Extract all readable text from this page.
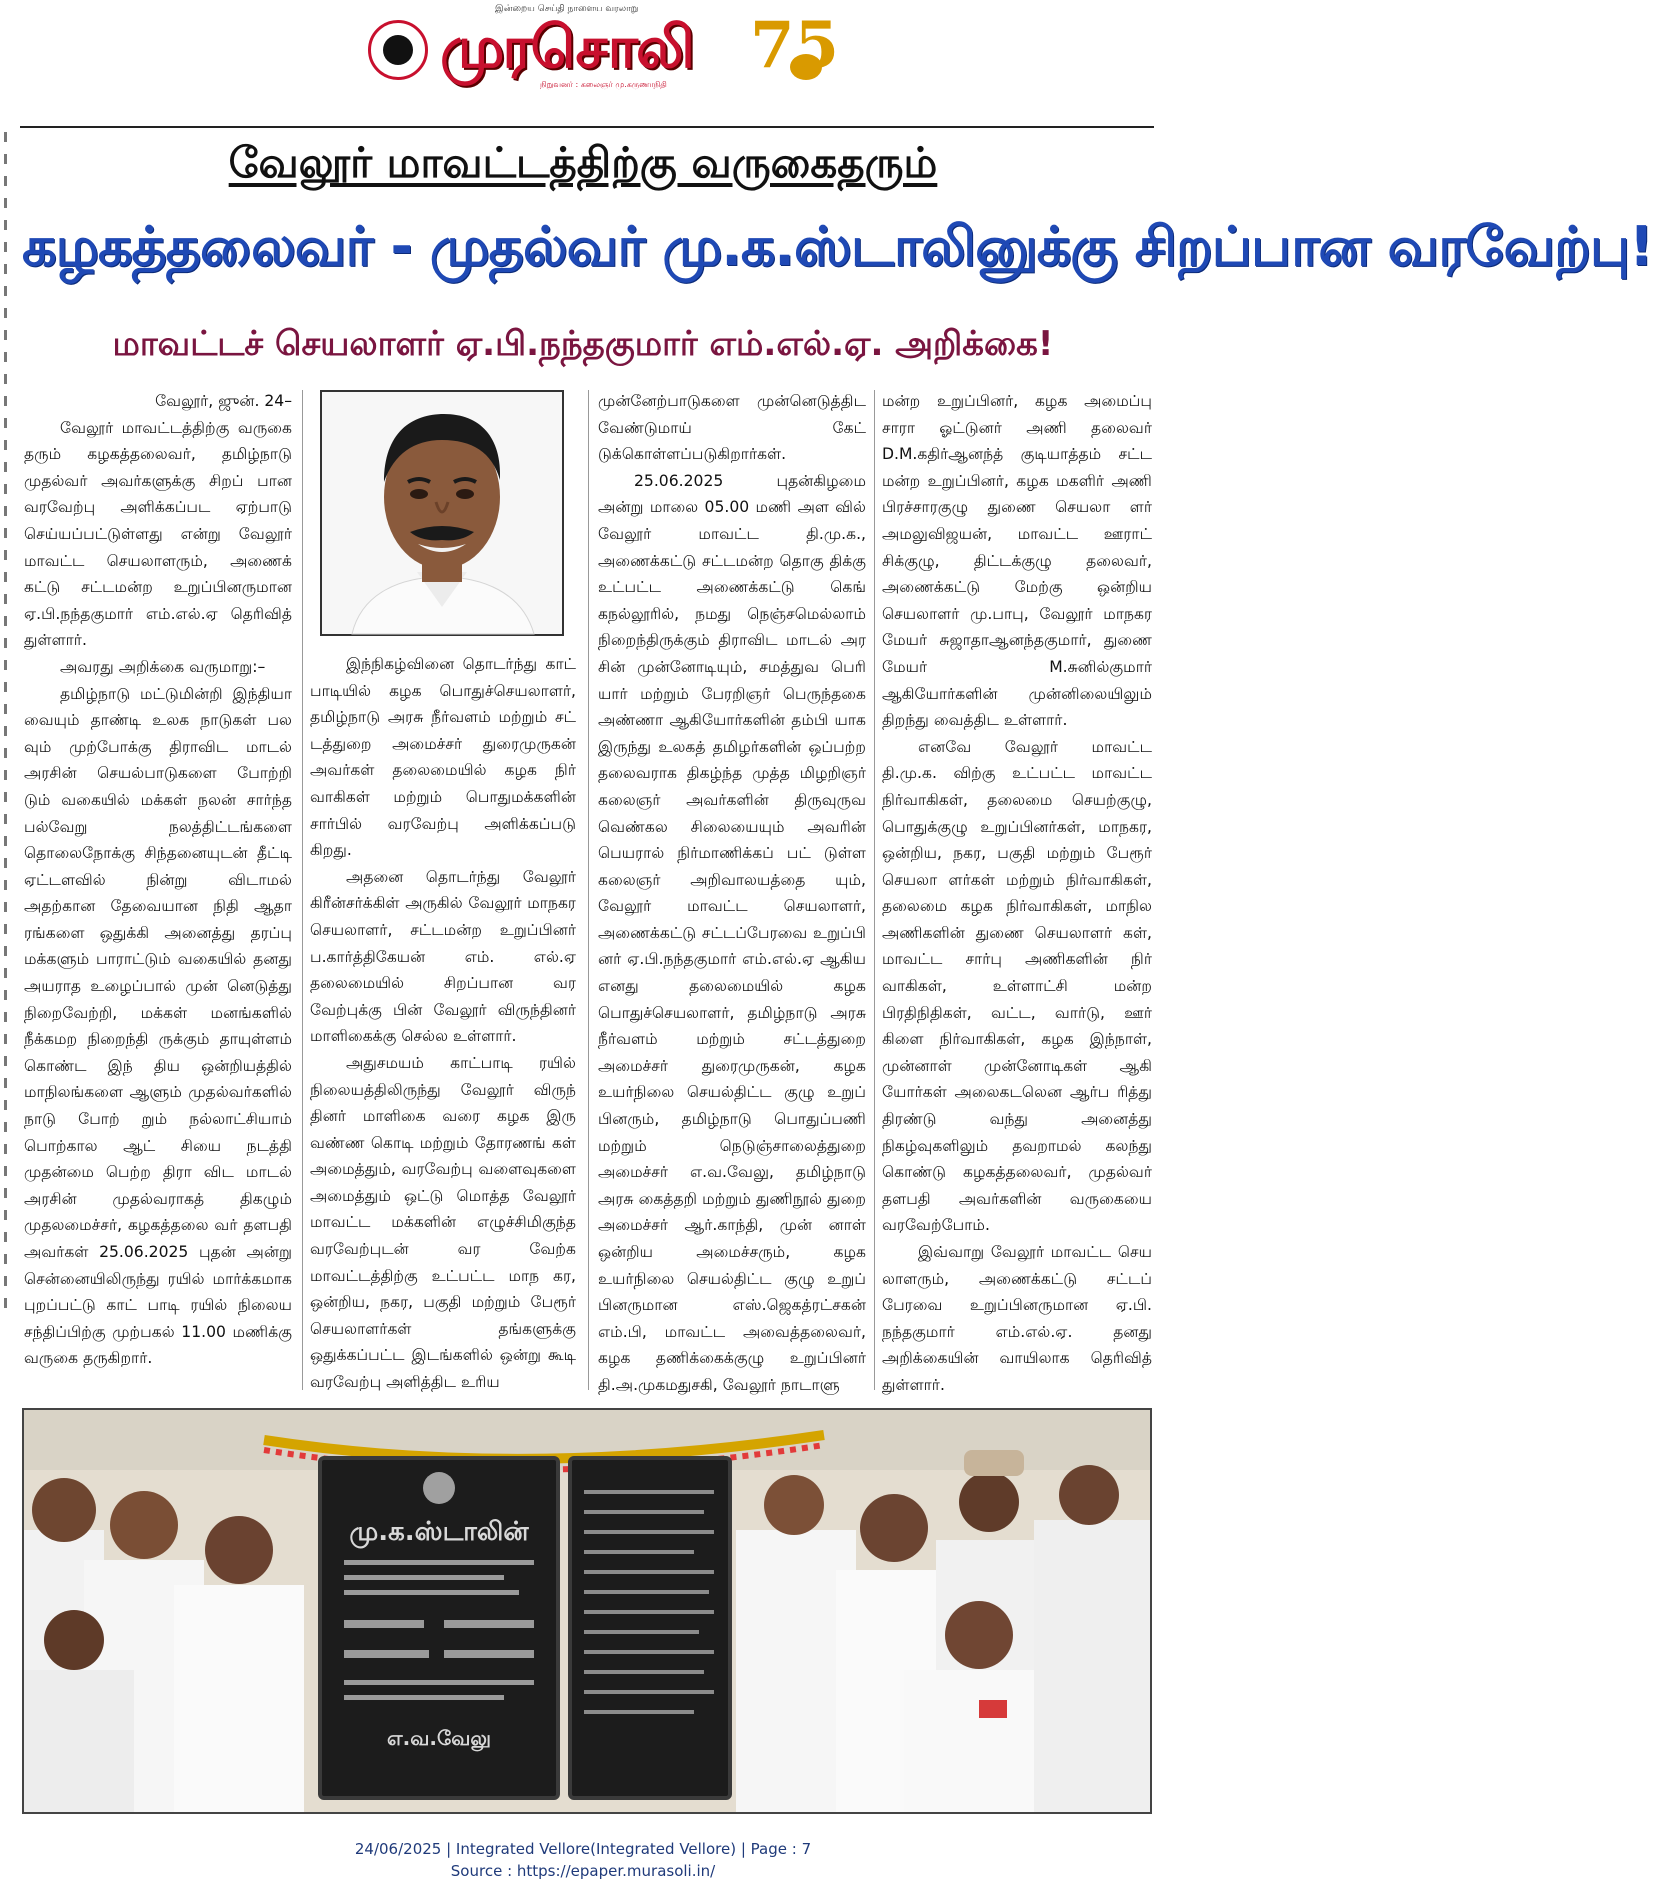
இன்றைய செய்தி நாளைய வரலாறு
முரசொலி
நிறுவனர் : கலைஞர் மு.கருணாநிதி
75
வேலூர் மாவட்டத்திற்கு வருகைதரும்
கழகத்தலைவர் - முதல்வர் மு.க.ஸ்டாலினுக்கு சிறப்பான வரவேற்பு!
மாவட்டச் செயலாளர் ஏ.பி.நந்தகுமார் எம்.எல்.ஏ. அறிக்கை!

வேலூர், ஜுன். 24–

வேலூர் மாவட்டத்திற்கு வருகை தரும் கழகத்தலைவர், தமிழ்நாடு முதல்வர் அவர்களுக்கு சிறப் பான வரவேற்பு அளிக்கப்பட ஏற்பாடு செய்யப்பட்டுள்ளது என்று வேலூர் மாவட்ட செயலாளரும், அணைக் கட்டு சட்டமன்ற உறுப்பினருமான ஏ.பி.நந்தகுமார் எம்.எல்.ஏ தெரிவித் துள்ளார்.

அவரது அறிக்கை வருமாறு:–

தமிழ்நாடு மட்டுமின்றி இந்தியா வையும் தாண்டி உலக நாடுகள் பல வும் முற்போக்கு திராவிட மாடல் அரசின் செயல்பாடுகளை போற்றி டும் வகையில் மக்கள் நலன் சார்ந்த பல்வேறு நலத்திட்டங்களை தொலைநோக்கு சிந்தனையுடன் தீட்டி ஏட்டளவில் நின்று விடாமல் அதற்கான தேவையான நிதி ஆதா ரங்களை ஒதுக்கி அனைத்து தரப்பு மக்களும் பாராட்டும் வகையில் தனது அயராத உழைப்பால் முன் னெடுத்து நிறைவேற்றி, மக்கள் மனங்களில் நீக்கமற நிறைந்தி ருக்கும் தாயுள்ளம் கொண்ட இந் திய ஒன்றியத்தில் மாநிலங்களை ஆளும் முதல்வர்களில் நாடு போற் றும் நல்லாட்சியாம் பொற்கால ஆட் சியை நடத்தி முதன்மை பெற்ற திரா விட மாடல் அரசின் முதல்வராகத் திகழும் முதலமைச்சர், கழகத்தலை வர் தளபதி அவர்கள் 25.06.2025 புதன் அன்று சென்னையிலிருந்து ரயில் மார்க்கமாக புறப்பட்டு காட் பாடி ரயில் நிலைய சந்திப்பிற்கு முற்பகல் 11.00 மணிக்கு வருகை தருகிறார்.

இந்நிகழ்வினை தொடர்ந்து காட் பாடியில் கழக பொதுச்செயலாளர், தமிழ்நாடு அரசு நீர்வளம் மற்றும் சட் டத்துறை அமைச்சர் துரைமுருகன் அவர்கள் தலைமையில் கழக நிர் வாகிகள் மற்றும் பொதுமக்களின் சார்பில் வரவேற்பு அளிக்கப்படு கிறது.

அதனை தொடர்ந்து வேலூர் கிரீன்சர்க்கிள் அருகில் வேலூர் மாநகர செயலாளர், சட்டமன்ற உறுப்பினர் ப.கார்த்திகேயன் எம். எல்.ஏ தலைமையில் சிறப்பான வர வேற்புக்கு பின் வேலூர் விருந்தினர் மாளிகைக்கு செல்ல உள்ளார்.

அதுசமயம் காட்பாடி ரயில் நிலையத்திலிருந்து வேலூர் விருந் தினர் மாளிகை வரை கழக இரு வண்ண கொடி மற்றும் தோரணங் கள் அமைத்தும், வரவேற்பு வளைவுகளை அமைத்தும் ஒட்டு மொத்த வேலூர் மாவட்ட மக்களின் எழுச்சிமிகுந்த வரவேற்புடன் வர வேற்க மாவட்டத்திற்கு உட்பட்ட மாந கர, ஒன்றிய, நகர, பகுதி மற்றும் பேரூர் செயலாளர்கள் தங்களுக்கு ஒதுக்கப்பட்ட இடங்களில் ஒன்று கூடி வரவேற்பு அளித்திட உரிய

முன்னேற்பாடுகளை முன்னெடுத்திட வேண்டுமாய் கேட் டுக்கொள்ளப்படுகிறார்கள்.

25.06.2025 புதன்கிழமை அன்று மாலை 05.00 மணி அள வில் வேலூர் மாவட்ட தி.மு.க., அணைக்கட்டு சட்டமன்ற தொகு திக்கு உட்பட்ட அணைக்கட்டு கெங் கநல்லூரில், நமது நெஞ்சமெல்லாம் நிறைந்திருக்கும் திராவிட மாடல் அர சின் முன்னோடியும், சமத்துவ பெரி யார் மற்றும் பேரறிஞர் பெருந்தகை அண்ணா ஆகியோர்களின் தம்பி யாக இருந்து உலகத் தமிழர்களின் ஒப்பற்ற தலைவராக திகழ்ந்த முத்த மிழறிஞர் கலைஞர் அவர்களின் திருவுருவ வெண்கல சிலையையும் அவரின் பெயரால் நிர்மாணிக்கப் பட் டுள்ள கலைஞர் அறிவாலயத்தை யும், வேலூர் மாவட்ட செயலாளர், அணைக்கட்டு சட்டப்பேரவை உறுப்பி னர் ஏ.பி.நந்தகுமார் எம்.எல்.ஏ ஆகிய எனது தலைமையில் கழக பொதுச்செயலாளர், தமிழ்நாடு அரசு நீர்வளம் மற்றும் சட்டத்துறை அமைச்சர் துரைமுருகன், கழக உயர்நிலை செயல்திட்ட குழு உறுப் பினரும், தமிழ்நாடு பொதுப்பணி மற்றும் நெடுஞ்சாலைத்துறை அமைச்சர் எ.வ.வேலு, தமிழ்நாடு அரசு கைத்தறி மற்றும் துணிநூல் துறை அமைச்சர் ஆர்.காந்தி, முன் னாள் ஒன்றிய அமைச்சரும், கழக உயர்நிலை செயல்திட்ட குழு உறுப் பினருமான எஸ்.ஜெகத்ரட்சகன் எம்.பி, மாவட்ட அவைத்தலைவர், கழக தணிக்கைக்குழு உறுப்பினர் தி.அ.முகமதுசகி, வேலூர் நாடாளு

மன்ற உறுப்பினர், கழக அமைப்பு சாரா ஓட்டுனர் அணி தலைவர் D.M.கதிர்ஆனந்த் குடியாத்தம் சட்ட மன்ற உறுப்பினர், கழக மகளிர் அணி பிரச்சாரகுழு துணை செயலா ளர் அமலுவிஜயன், மாவட்ட ஊராட் சிக்குழு, திட்டக்குழு தலைவர், அணைக்கட்டு மேற்கு ஒன்றிய செயலாளர் மு.பாபு, வேலூர் மாநகர மேயர் சுஜாதாஆனந்தகுமார், துணை மேயர் M.சுனில்குமார் ஆகியோர்களின் முன்னிலையிலும் திறந்து வைத்திட உள்ளார்.

எனவே வேலூர் மாவட்ட தி.மு.க. விற்கு உட்பட்ட மாவட்ட நிர்வாகிகள், தலைமை செயற்குழு, பொதுக்குழு உறுப்பினர்கள், மாநகர, ஒன்றிய, நகர, பகுதி மற்றும் பேரூர் செயலா ளர்கள் மற்றும் நிர்வாகிகள், தலைமை கழக நிர்வாகிகள், மாநில அணிகளின் துணை செயலாளர் கள், மாவட்ட சார்பு அணிகளின் நிர் வாகிகள், உள்ளாட்சி மன்ற பிரதிநிதிகள், வட்ட, வார்டு, ஊர் கிளை நிர்வாகிகள், கழக இந்நாள், முன்னாள் முன்னோடிகள் ஆகி யோர்கள் அலைகடலென ஆர்ப ரித்து திரண்டு வந்து அனைத்து நிகழ்வுகளிலும் தவறாமல் கலந்து கொண்டு கழகத்தலைவர், முதல்வர் தளபதி அவர்களின் வருகையை வரவேற்போம்.

இவ்வாறு வேலூர் மாவட்ட செய லாளரும், அணைக்கட்டு சட்டப் பேரவை உறுப்பினருமான ஏ.பி. நந்தகுமார் எம்.எல்.ஏ. தனது அறிக்கையின் வாயிலாக தெரிவித் துள்ளார்.

மு.க.ஸ்டாலின்
எ.வ.வேலு
24/06/2025 | Integrated Vellore(Integrated Vellore) | Page : 7
Source : https://epaper.murasoli.in/
